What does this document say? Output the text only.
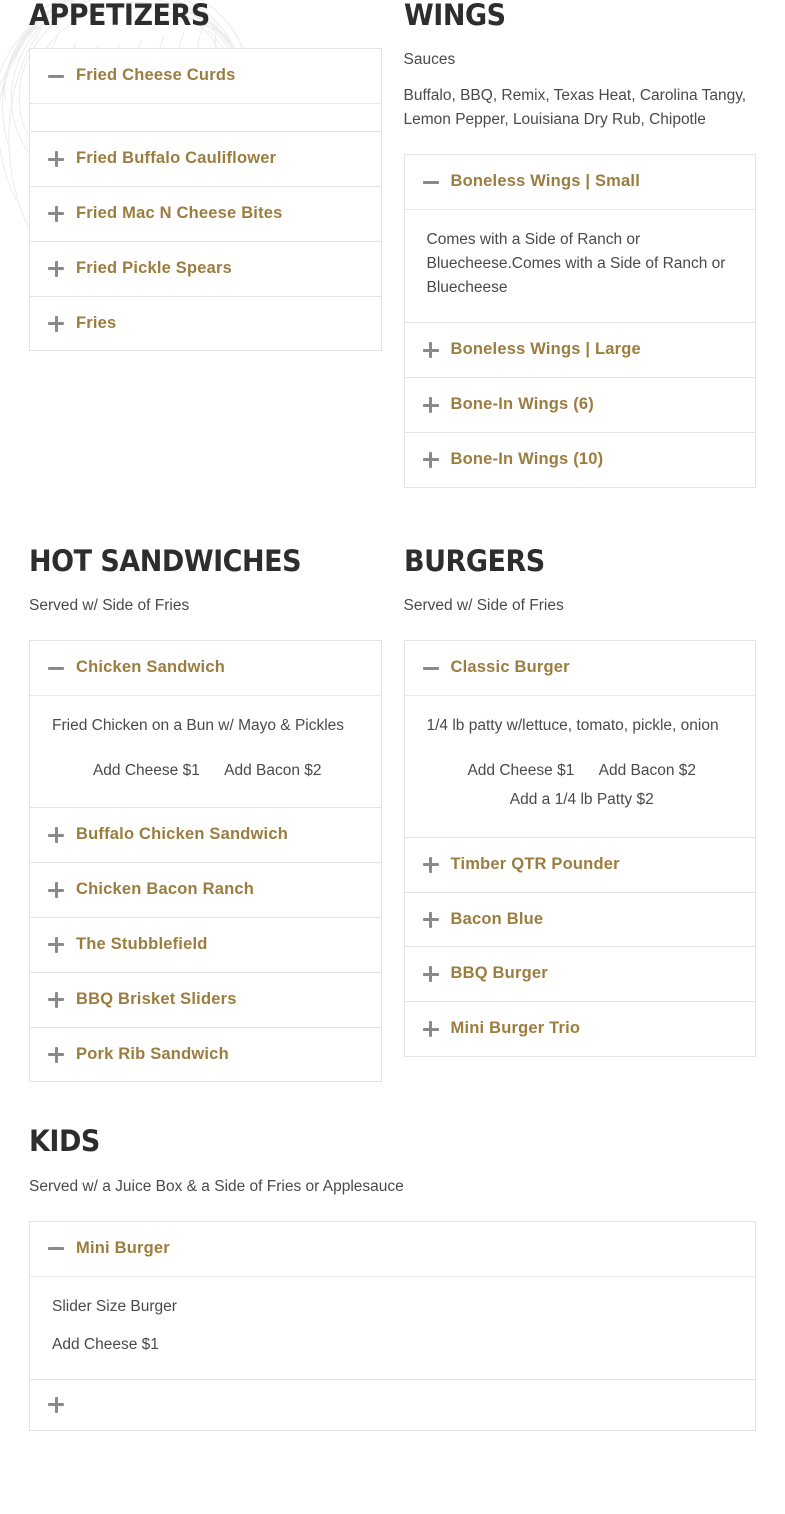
APPETIZERS
Fried Cheese Curds
Fried Buffalo Cauliflower
Fried Mac N Cheese Bites
Fried Pickle Spears
Fries
WINGS

Sauces

Buffalo, BBQ, Remix, Texas Heat, Carolina Tangy, Lemon Pepper, Louisiana Dry Rub, Chipotle

Boneless Wings | Small

Comes with a Side of Ranch or Bluecheese.Comes with a Side of Ranch or Bluecheese

Boneless Wings | Large
Bone-In Wings (6)
Bone-In Wings (10)
HOT SANDWICHES

Served w/ Side of Fries

Chicken Sandwich

Fried Chicken on a Bun w/ Mayo & Pickles

Add Cheese $1 Add Bacon $2
Buffalo Chicken Sandwich
Chicken Bacon Ranch
The Stubblefield
BBQ Brisket Sliders
Pork Rib Sandwich
BURGERS

Served w/ Side of Fries

Classic Burger

1/4 lb patty w/lettuce, tomato, pickle, onion

Add Cheese $1 Add Bacon $2
Add a 1/4 lb Patty $2
Timber QTR Pounder
Bacon Blue
BBQ Burger
Mini Burger Trio
KIDS

Served w/ a Juice Box & a Side of Fries or Applesauce

Mini Burger

Slider Size Burger

Add Cheese $1
